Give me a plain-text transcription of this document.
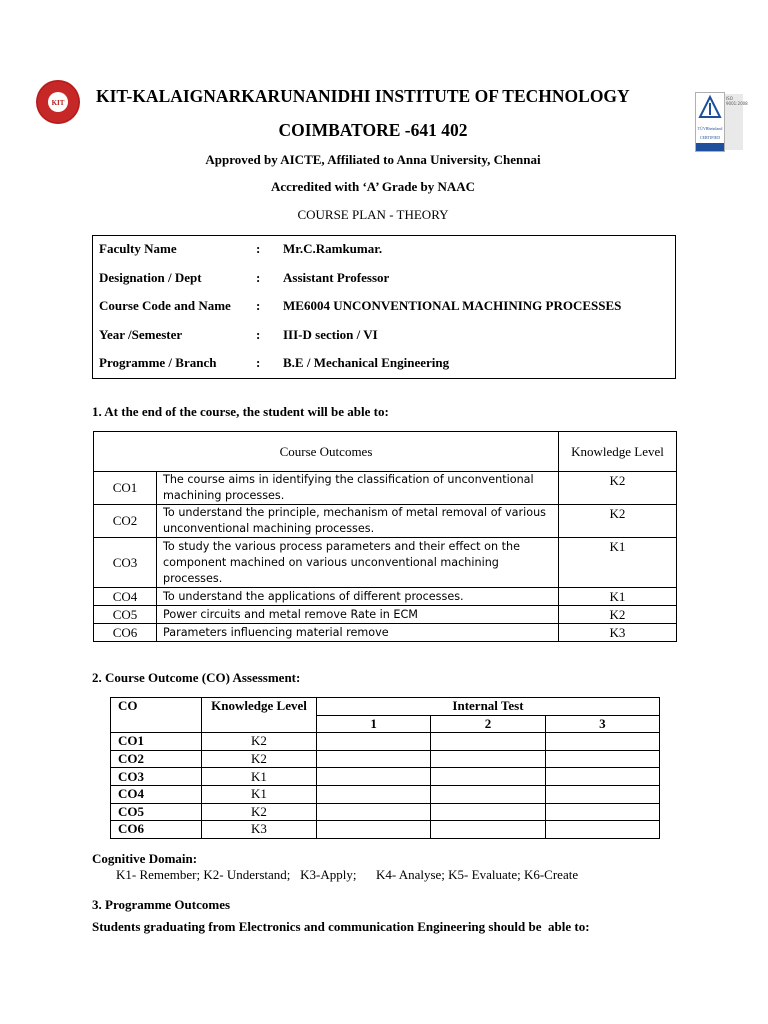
KIT
TÜVRheinland
CERTIFIED
ISO 9001:2008
KIT-KALAIGNARKARUNANIDHI INSTITUTE OF TECHNOLOGY
COIMBATORE -641 402
Approved by AICTE, Affiliated to Anna University, Chennai
Accredited with ‘A’ Grade by NAAC
COURSE PLAN - THEORY
Faculty Name	:	Mr.C.Ramkumar.
Designation / Dept	:	Assistant Professor
Course Code and Name	:	ME6004 UNCONVENTIONAL MACHINING PROCESSES
Year /Semester	:	III-D section / VI
Programme / Branch	:	B.E / Mechanical Engineering
1. At the end of the course, the student will be able to:
Course Outcomes		Knowledge Level
CO1	The course aims in identifying the classification of unconventional machining processes.	K2
CO2	To understand the principle, mechanism of metal removal of various unconventional machining processes.	K2
CO3	To study the various process parameters and their effect on the component machined on various unconventional machining processes.	K1
CO4	To understand the applications of different processes.	K1
CO5	Power circuits and metal remove Rate in ECM	K2
CO6	Parameters influencing material remove	K3
2. Course Outcome (CO) Assessment:
CO	Knowledge Level	Internal Test		
		1	2	3
CO1	K2			
CO2	K2			
CO3	K1			
CO4	K1			
CO5	K2			
CO6	K3			
Cognitive Domain:
K1- Remember; K2- Understand;   K3-Apply;      K4- Analyse; K5- Evaluate; K6-Create
3. Programme Outcomes
Students graduating from Electronics and communication Engineering should be  able to:
